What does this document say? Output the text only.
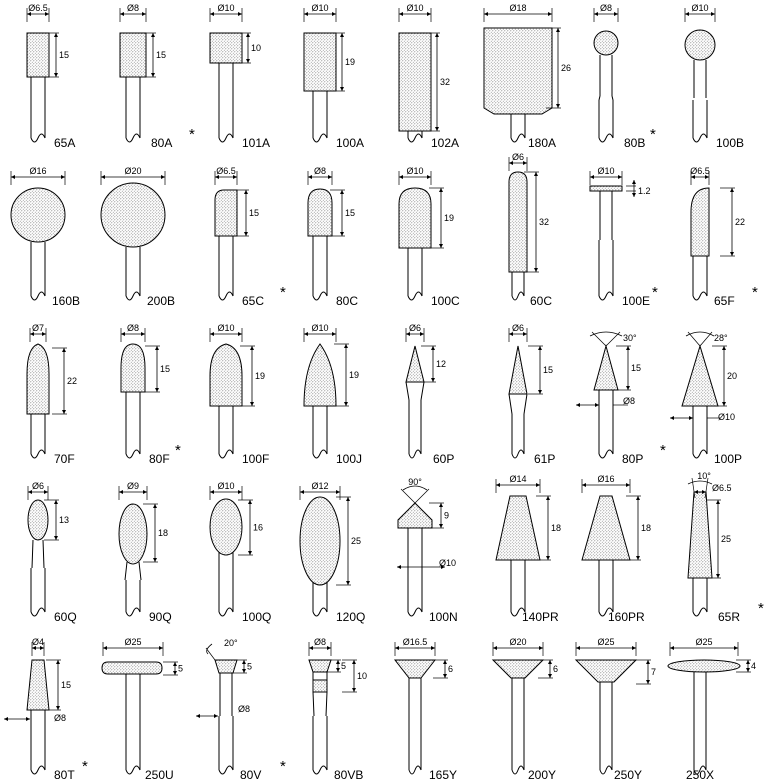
Ø6.5
15
65A
Ø8
15
80A *
Ø10
10
101A
Ø10
19
100A
Ø10
32
102A
Ø18
26
180A
Ø8
80B *
Ø10
100B
Ø16
160B
Ø20
200B
Ø6.5
15
65C *
Ø8
15
80C
Ø10
19
100C
Ø6
32
60C
Ø10
1.2
100E *
Ø6.5
22
65F *
Ø7
22
70F
Ø8
15
80F *
Ø10
19
100F
Ø10
19
100J
Ø6
12
60P
Ø6
15
61P
30°
15
Ø8
80P *
28°
20
Ø10
100P
Ø6
13
60Q
Ø9
18
90Q
Ø10
16
100Q
Ø12
25
120Q
90°
9
Ø10
100N
Ø14
18
140PR
Ø16
18
160PR
10°
Ø6.5
25
65R *
Ø4
15
Ø8
80T *
Ø25
5
250U
20°
5
Ø8
80V *
Ø8
5
10
80VB
Ø16.5
6
165Y
Ø20
6
200Y
Ø25
7
250Y
Ø25
4
250X
